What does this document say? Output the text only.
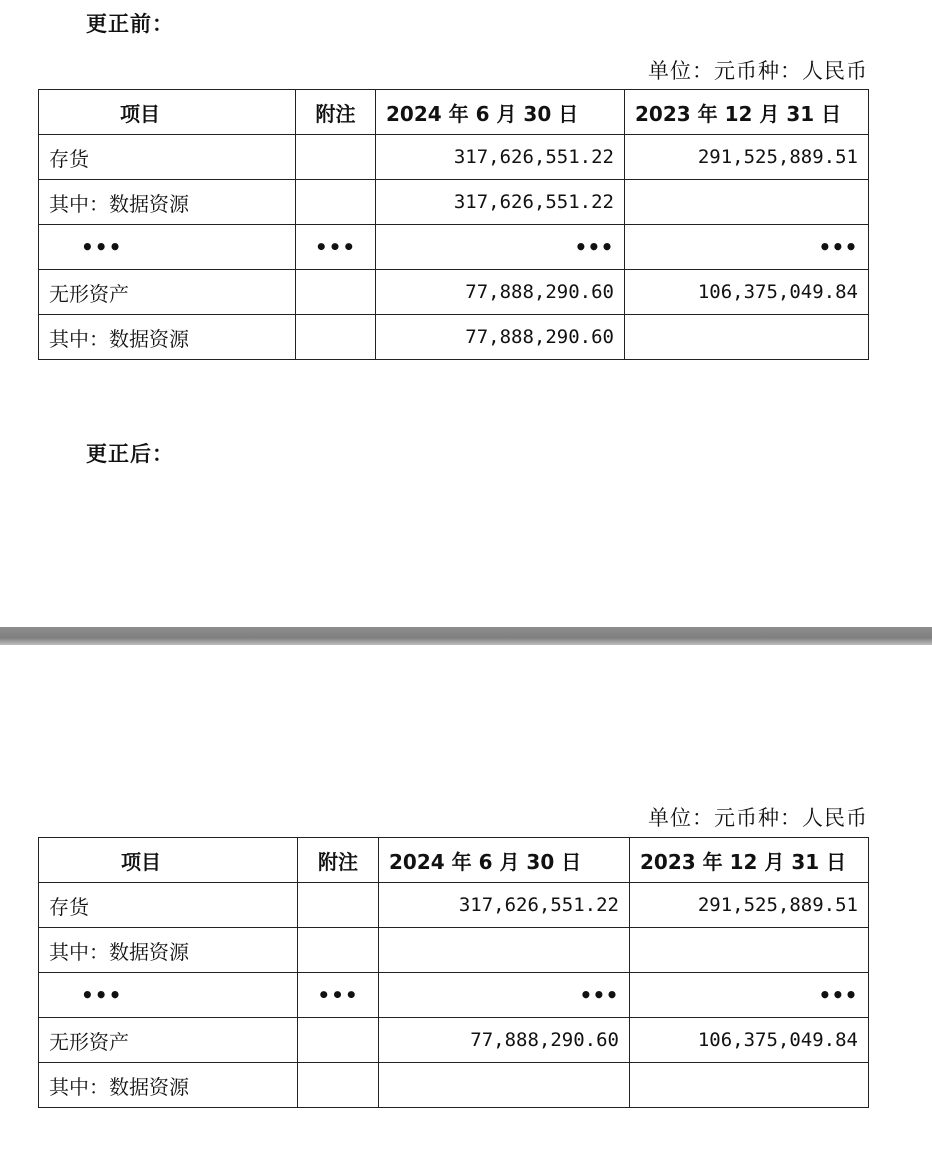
更正前：
单位：元币种：人民币
项目	附注	2024 年 6 月 30 日	2023 年 12 月 31 日
存货		317,626,551.22	291,525,889.51
其中：数据资源		317,626,551.22	
•••	•••	•••	•••
无形资产		77,888,290.60	106,375,049.84
其中：数据资源		77,888,290.60	
更正后：
单位：元币种：人民币
项目	附注	2024 年 6 月 30 日	2023 年 12 月 31 日
存货		317,626,551.22	291,525,889.51
其中：数据资源			
•••	•••	•••	•••
无形资产		77,888,290.60	106,375,049.84
其中：数据资源			
